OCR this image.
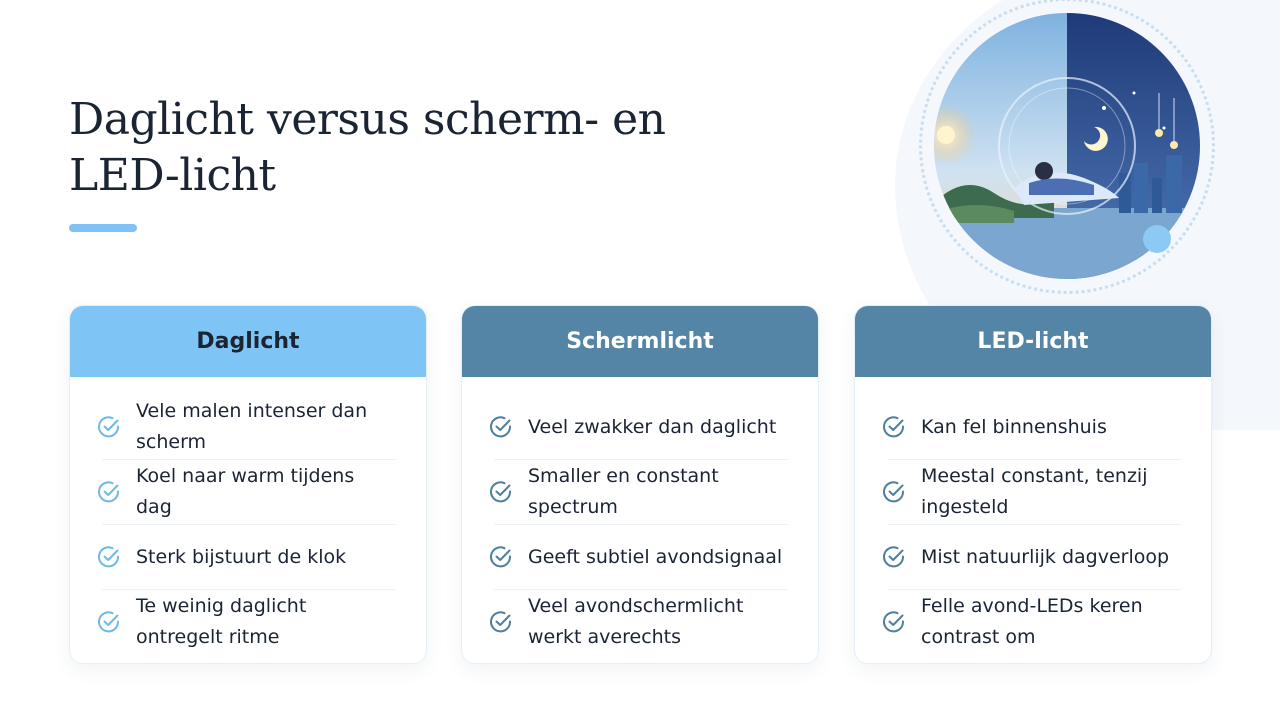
Daglicht versus scherm- en LED-licht
Daglicht
Vele malen intenser dan scherm
Koel naar warm tijdens dag
Sterk bijstuurt de klok
Te weinig daglicht ontregelt ritme
Schermlicht
Veel zwakker dan daglicht
Smaller en constant spectrum
Geeft subtiel avondsignaal
Veel avondschermlicht werkt averechts
LED-licht
Kan fel binnenshuis
Meestal constant, tenzij ingesteld
Mist natuurlijk dagverloop
Felle avond-LEDs keren contrast om
